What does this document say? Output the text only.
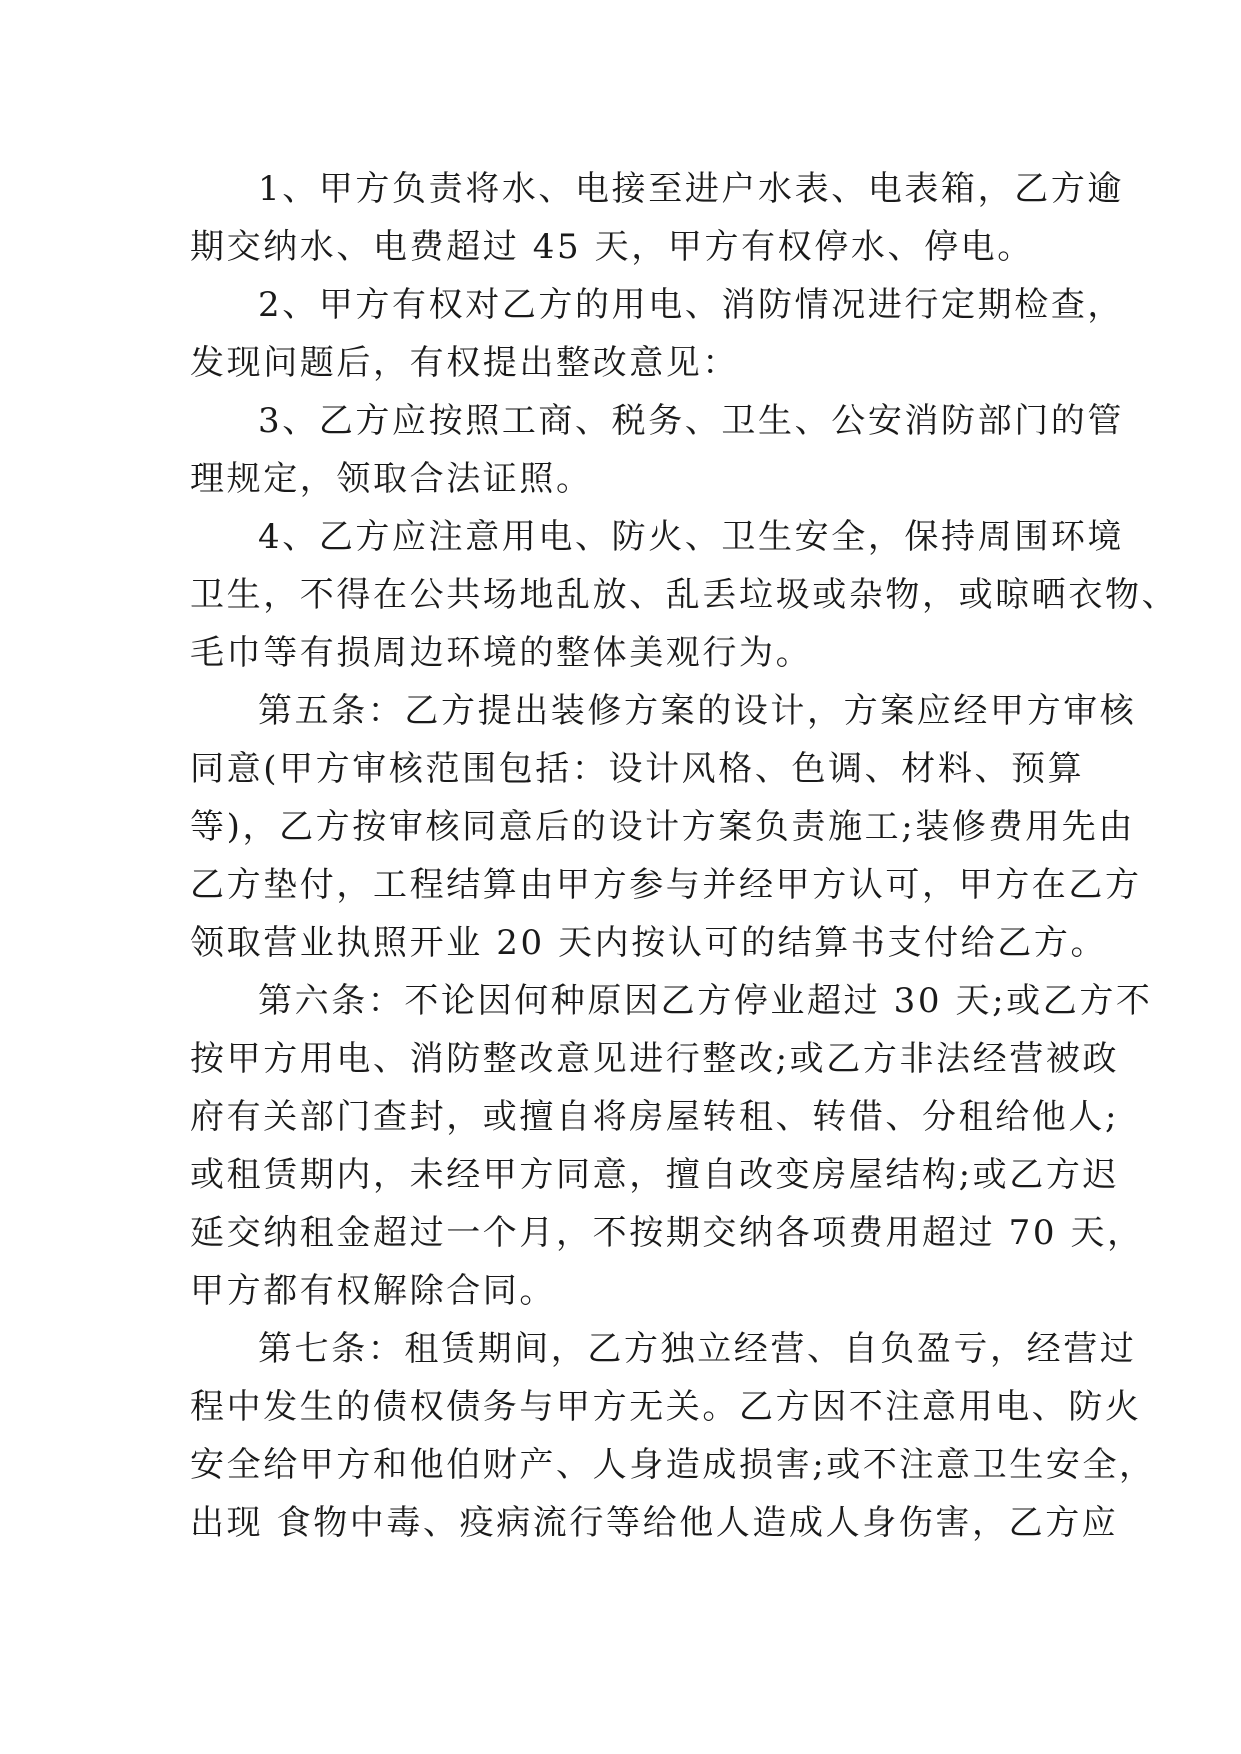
1、甲方负责将水、电接至进户水表、电表箱，乙方逾
期交纳水、电费超过 45 天，甲方有权停水、停电。
2、甲方有权对乙方的用电、消防情况进行定期检查，
发现问题后，有权提出整改意见：
3、乙方应按照工商、税务、卫生、公安消防部门的管
理规定，领取合法证照。
4、乙方应注意用电、防火、卫生安全，保持周围环境
卫生，不得在公共场地乱放、乱丢垃圾或杂物，或晾晒衣物、
毛巾等有损周边环境的整体美观行为。
第五条：乙方提出装修方案的设计，方案应经甲方审核
同意(甲方审核范围包括：设计风格、色调、材料、预算
等)，乙方按审核同意后的设计方案负责施工;装修费用先由
乙方垫付，工程结算由甲方参与并经甲方认可，甲方在乙方
领取营业执照开业 20 天内按认可的结算书支付给乙方。
第六条：不论因何种原因乙方停业超过 30 天;或乙方不
按甲方用电、消防整改意见进行整改;或乙方非法经营被政
府有关部门查封，或擅自将房屋转租、转借、分租给他人;
或租赁期内，未经甲方同意，擅自改变房屋结构;或乙方迟
延交纳租金超过一个月，不按期交纳各项费用超过 70 天，
甲方都有权解除合同。
第七条：租赁期间，乙方独立经营、自负盈亏，经营过
程中发生的债权债务与甲方无关。乙方因不注意用电、防火
安全给甲方和他伯财产、人身造成损害;或不注意卫生安全，
出现 食物中毒、疫病流行等给他人造成人身伤害，乙方应
